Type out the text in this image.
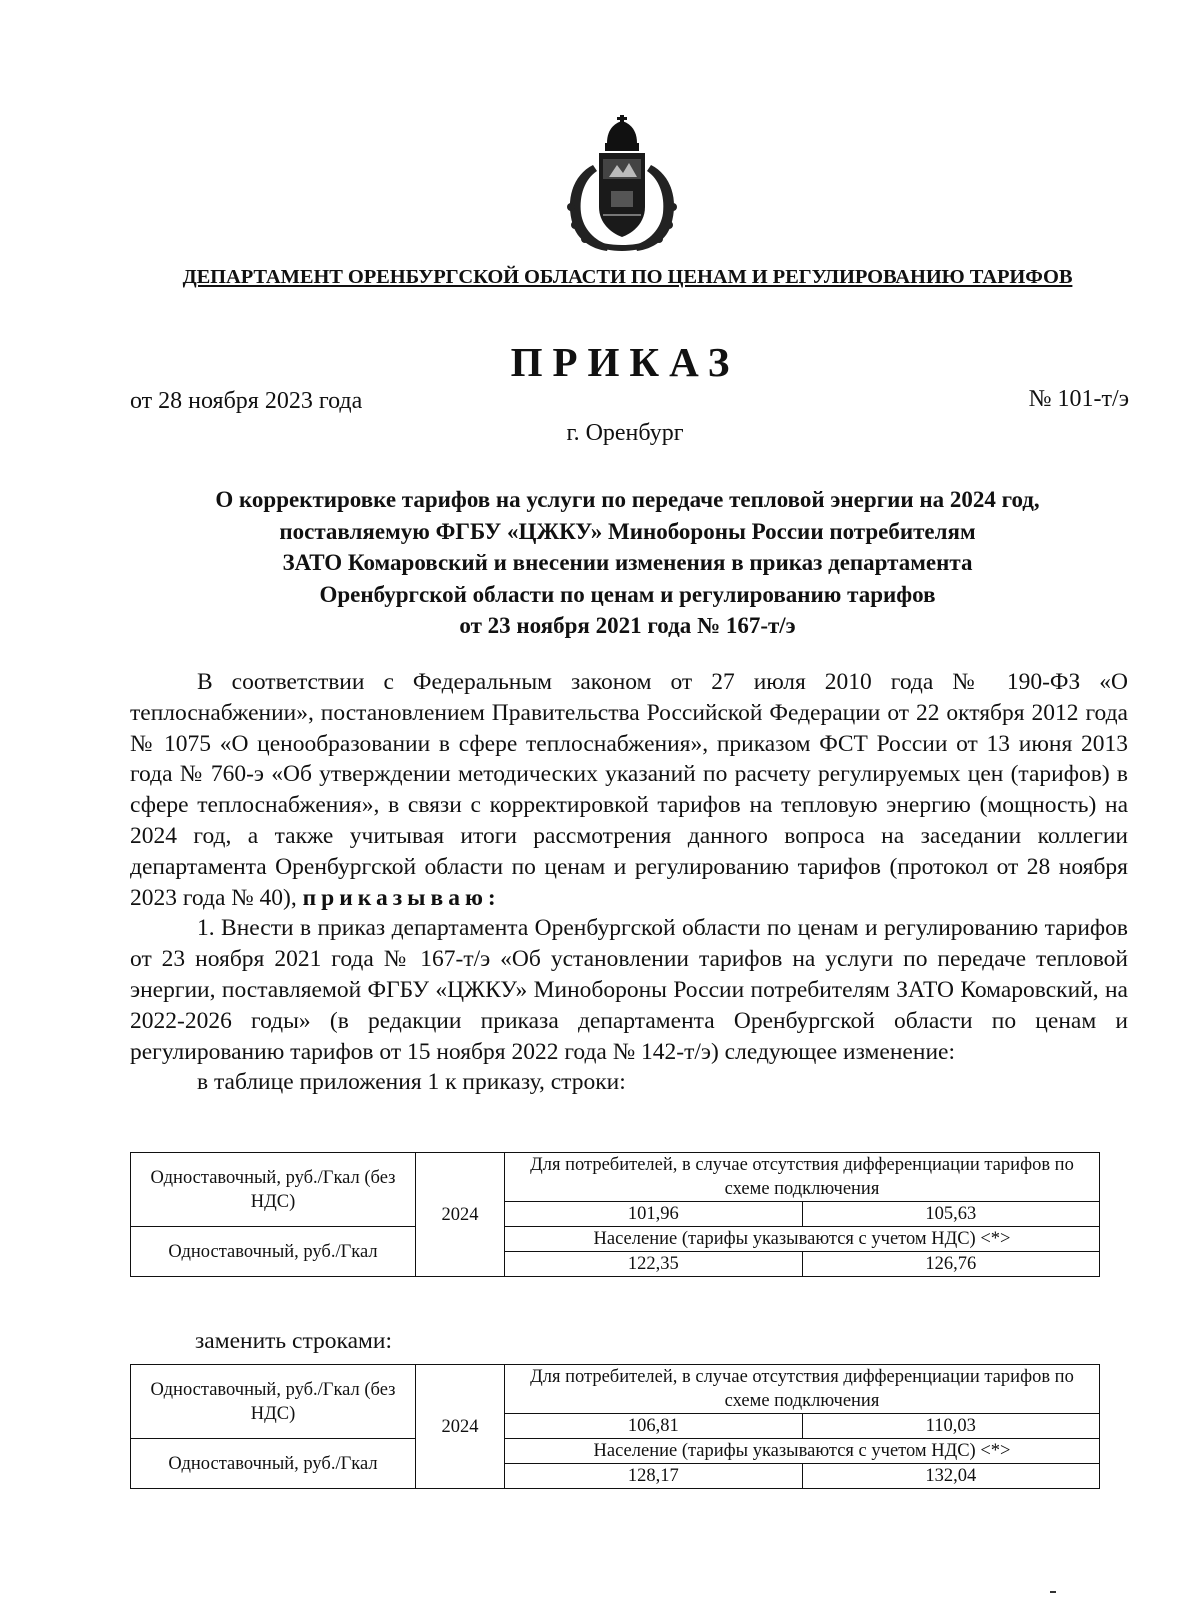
ДЕПАРТАМЕНТ ОРЕНБУРГСКОЙ ОБЛАСТИ ПО ЦЕНАМ И РЕГУЛИРОВАНИЮ ТАРИФОВ
ПРИКАЗ
от 28 ноября 2023 года	№ 101-т/э
г. Оренбург
О корректировке тарифов на услуги по передаче тепловой энергии на 2024 год,
поставляемую ФГБУ «ЦЖКУ» Минобороны России потребителям
ЗАТО Комаровский и внесении изменения в приказ департамента
Оренбургской области по ценам и регулированию тарифов
от 23 ноября 2021 года № 167-т/э

В соответствии с Федеральным законом от 27 июля 2010 года № 190-ФЗ «О теплоснабжении», постановлением Правительства Российской Федерации от 22 октября 2012 года № 1075 «О ценообразовании в сфере теплоснабжения», приказом ФСТ России от 13 июня 2013 года № 760-э «Об утверждении методических указаний по расчету регулируемых цен (тарифов) в сфере теплоснабжения», в связи с корректировкой тарифов на тепловую энергию (мощность) на 2024 год, а также учитывая итоги рассмотрения данного вопроса на заседании коллегии департамента Оренбургской области по ценам и регулированию тарифов (протокол от 28 ноября 2023 года № 40), приказываю:

1. Внести в приказ департамента Оренбургской области по ценам и регулированию тарифов от 23 ноября 2021 года № 167-т/э «Об установлении тарифов на услуги по передаче тепловой энергии, поставляемой ФГБУ «ЦЖКУ» Минобороны России потребителям ЗАТО Комаровский, на 2022-2026 годы» (в редакции приказа департамента Оренбургской области по ценам и регулированию тарифов от 15 ноября 2022 года № 142-т/э) следующее изменение:

в таблице приложения 1 к приказу, строки:

Одноставочный, руб./Гкал (без НДС)	2024	Для потребителей, в случае отсутствия дифференциации тарифов по схеме подключения	
		101,96	105,63
Одноставочный, руб./Гкал		Население (тарифы указываются с учетом НДС) <*>	
		122,35	126,76
заменить строками:
Одноставочный, руб./Гкал (без НДС)	2024	Для потребителей, в случае отсутствия дифференциации тарифов по схеме подключения	
		106,81	110,03
Одноставочный, руб./Гкал		Население (тарифы указываются с учетом НДС) <*>	
		128,17	132,04
